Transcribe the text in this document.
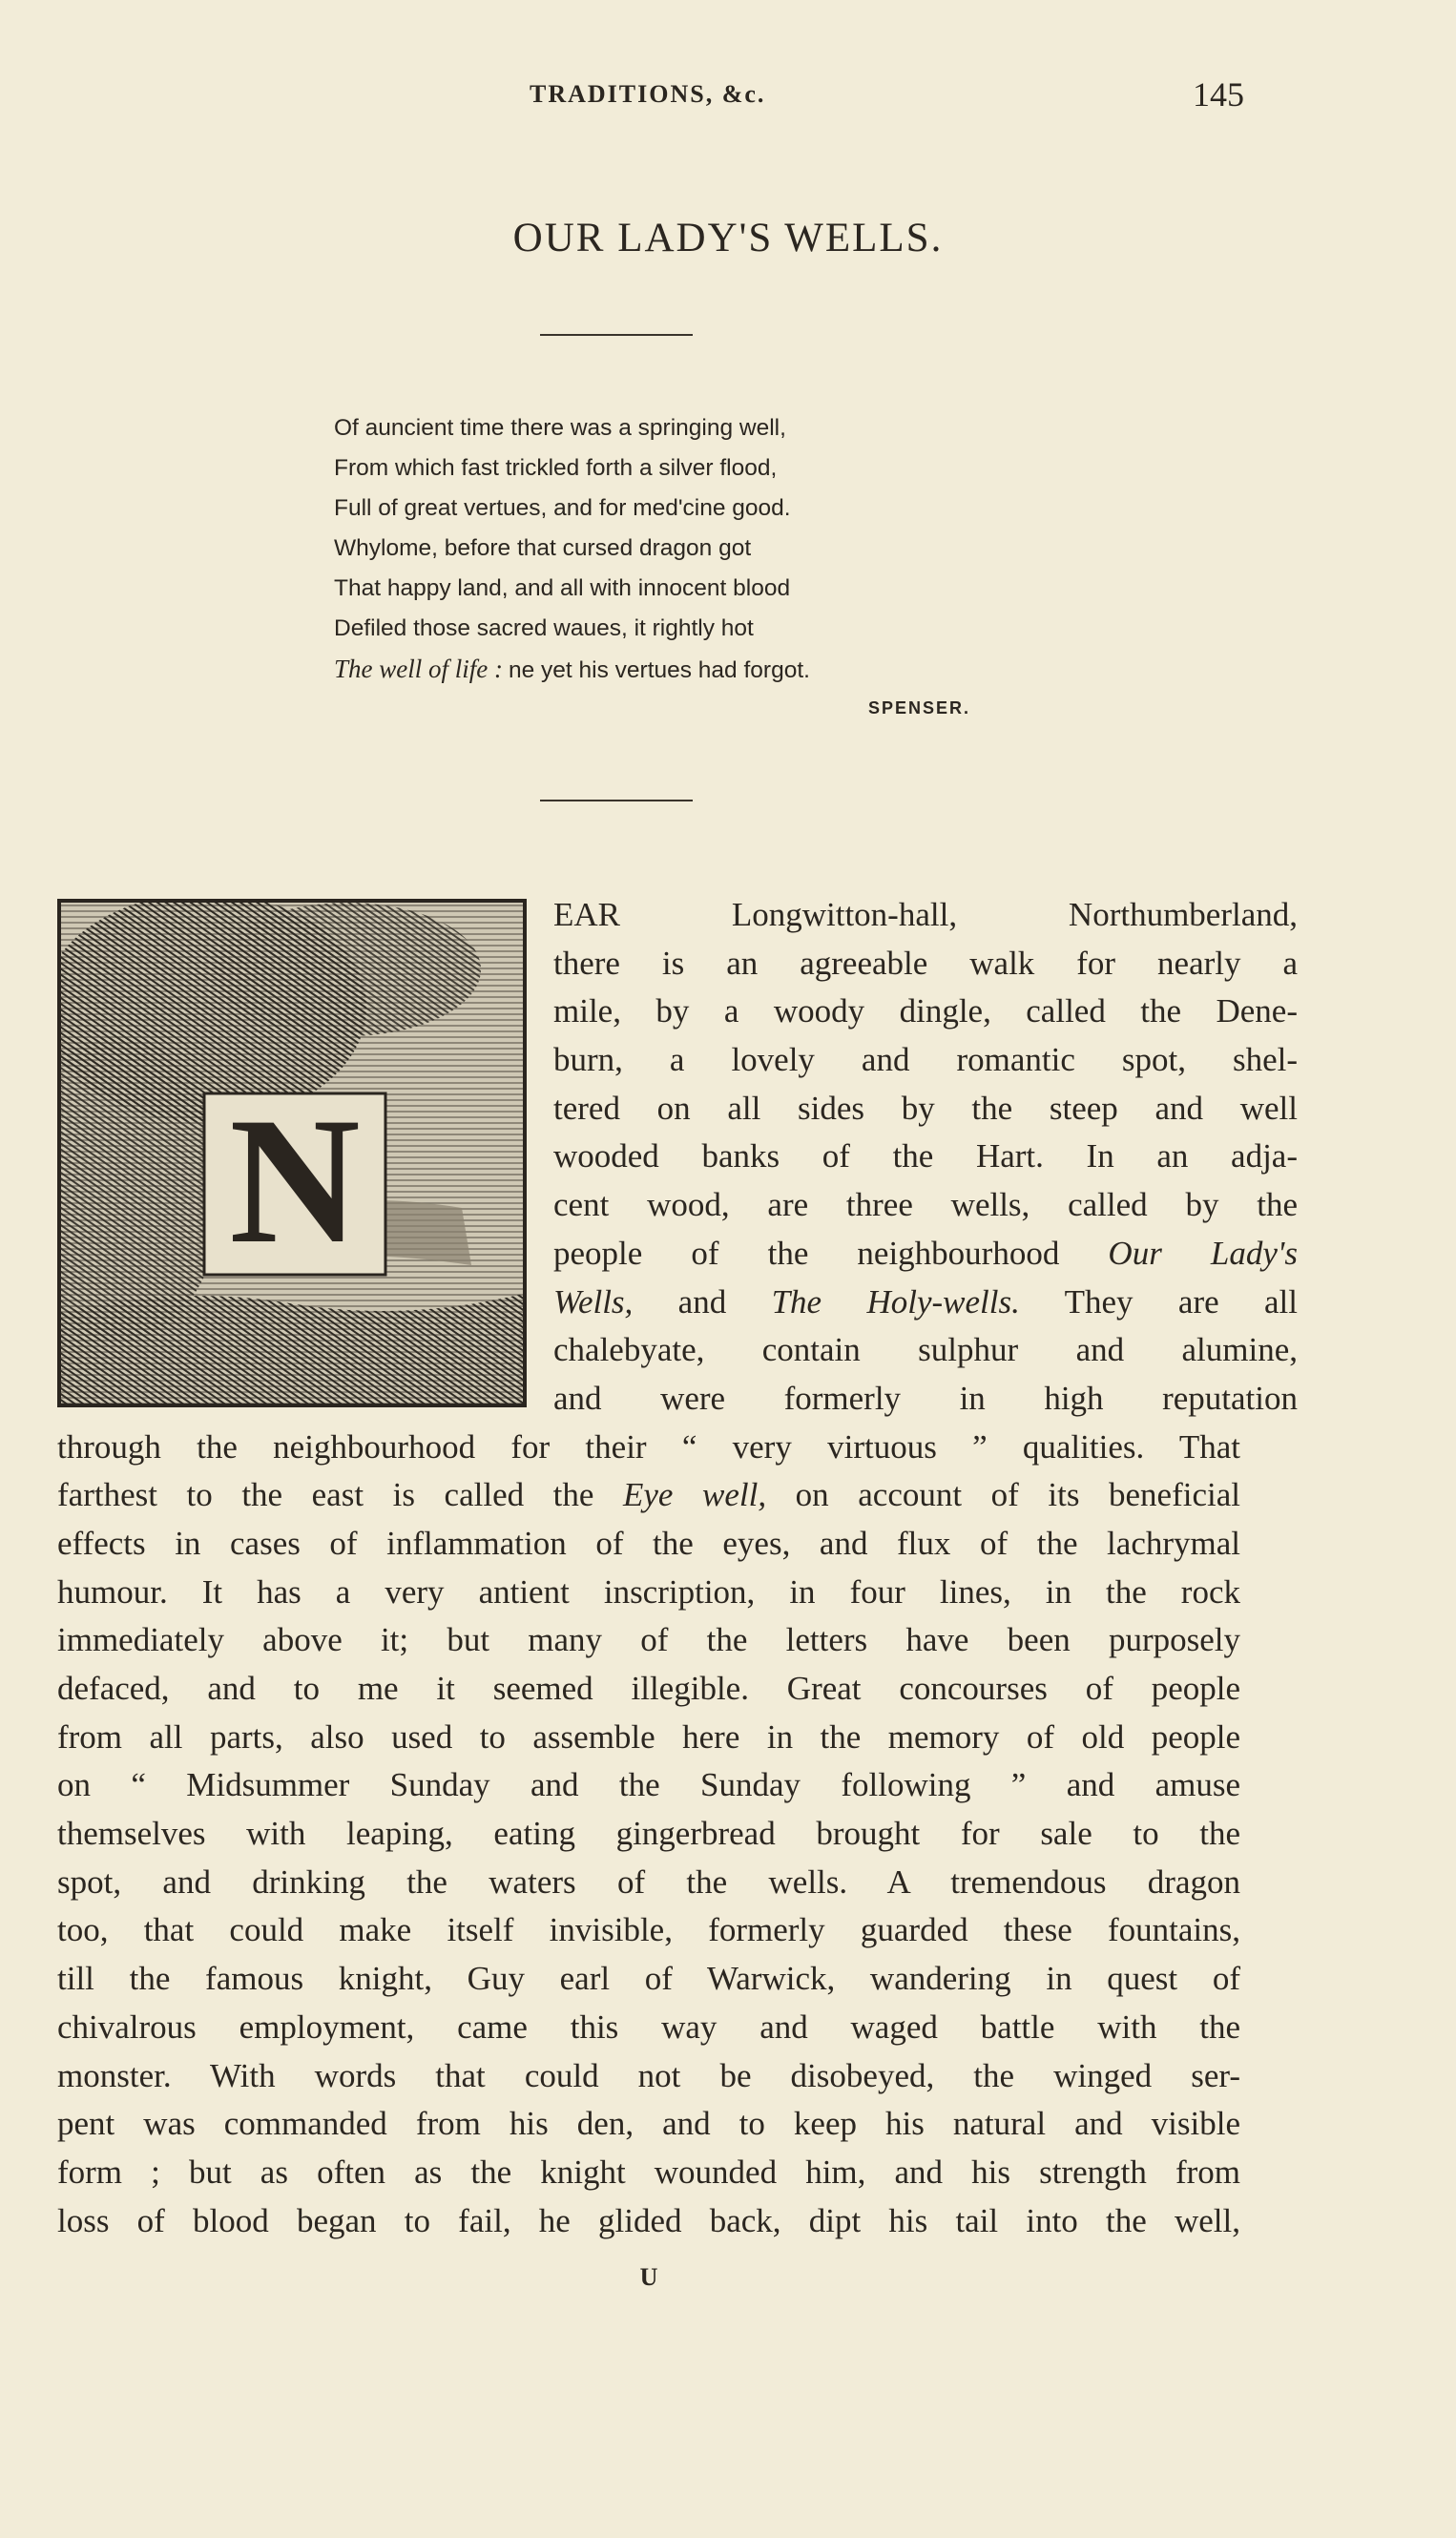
TRADITIONS, &c.	145
OUR LADY'S WELLS.
Of auncient time there was a springing well,
From which fast trickled forth a silver flood,
Full of great vertues, and for med'cine good.
Whylome, before that cursed dragon got
That happy land, and all with innocent blood
Defiled those sacred waues, it rightly hot
The well of life : ne yet his vertues had forgot.
SPENSER.
N
EAR Longwitton-hall, Northumberland,
there is an agreeable walk for nearly a
mile, by a woody dingle, called the Dene-
burn, a lovely and romantic spot, shel-
tered on all sides by the steep and well
wooded banks of the Hart. In an adja-
cent wood, are three wells, called by the
people of the neighbourhood Our Lady's
Wells, and The Holy-wells. They are all
chalebyate, contain sulphur and alumine,
and were formerly in high reputation
through the neighbourhood for their “ very virtuous ” qualities. That
farthest to the east is called the Eye well, on account of its beneficial
effects in cases of inflammation of the eyes, and flux of the lachrymal
humour. It has a very antient inscription, in four lines, in the rock
immediately above it; but many of the letters have been purposely
defaced, and to me it seemed illegible. Great concourses of people
from all parts, also used to assemble here in the memory of old people
on “ Midsummer Sunday and the Sunday following ” and amuse
themselves with leaping, eating gingerbread brought for sale to the
spot, and drinking the waters of the wells. A tremendous dragon
too, that could make itself invisible, formerly guarded these fountains,
till the famous knight, Guy earl of Warwick, wandering in quest of
chivalrous employment, came this way and waged battle with the
monster. With words that could not be disobeyed, the winged ser-
pent was commanded from his den, and to keep his natural and visible
form ; but as often as the knight wounded him, and his strength from
loss of blood began to fail, he glided back, dipt his tail into the well,
U
